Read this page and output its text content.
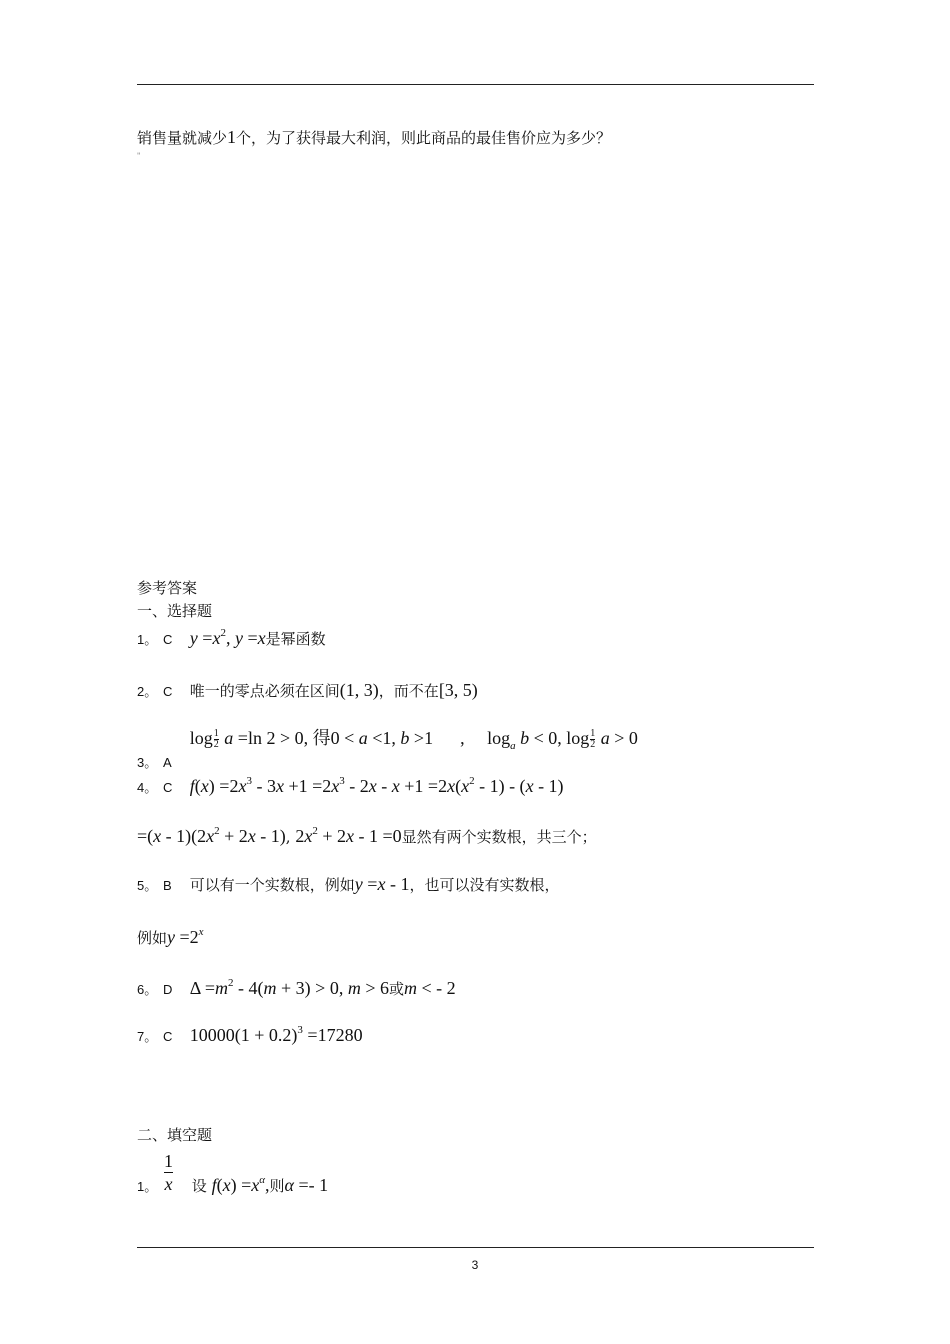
销售量就减少1个，为了获得最大利润，则此商品的最佳售价应为多少？
"
参考答案
一、选择题
1。 C $y =x^2$, y =x是幂函数
2。 C 唯一的零点必须在区间(1, 3)，而不在[3, 5)
$\log \frac{1}{2}$ a =ln 2 > 0, 得0 < a <1, b >1      ,     $\log_a b < 0$, $\log \frac{1}{2}$ a > 0
3。 A
4。 C $f(x) =2x^3 - 3x +1 =2x^3 - 2x - x +1 =2x(x^2 - 1) - (x - 1)$
$=(x - 1)(2x^2 + 2x - 1)$, $2x^2 + 2x - 1 =0$显然有两个实数根，共三个；
5。 B 可以有一个实数根，例如y =x - 1，也可以没有实数根，
例如$y =2^x$
6。 D $\Delta =m^2 - 4(m + 3) > 0$, m > 6或m < - 2
7。 C $10000(1 + 0.2)^3 =17280$
二、填空题
$\frac{1}{x}$
1。 设 $f(x) =x^\alpha$,则α =- 1
3
